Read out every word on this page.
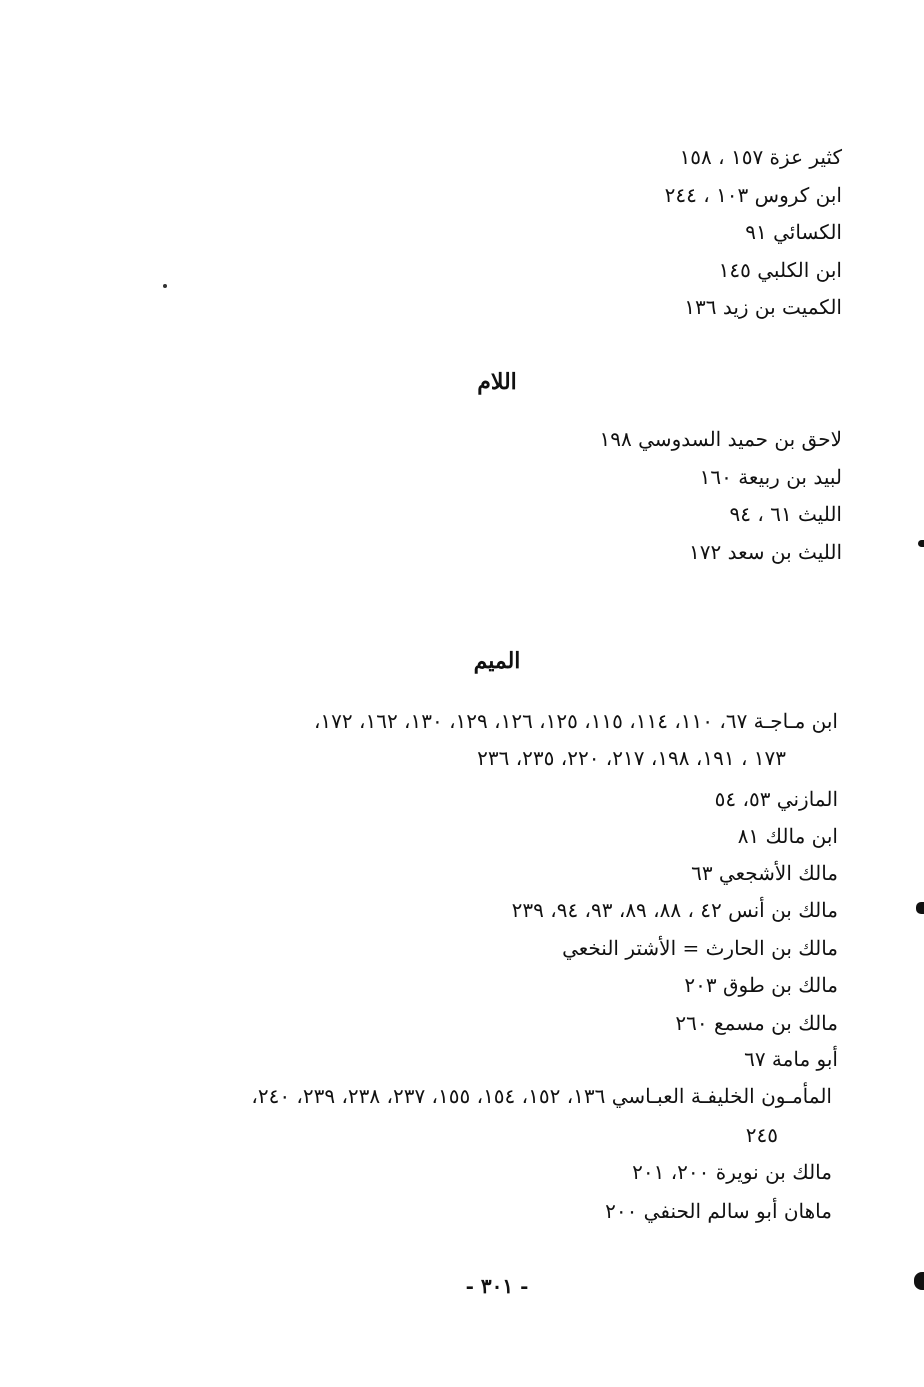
كثير عزة ١٥٧ ، ١٥٨
ابن كروس ١٠٣ ، ٢٤٤
الكسائي ٩١
ابن الكلبي ١٤٥
الكميت بن زيد ١٣٦
اللام
لاحق بن حميد السدوسي ١٩٨
لبيد بن ربيعة ١٦٠
الليث ٦١ ، ٩٤
الليث بن سعد ١٧٢
الميم
ابن مـاجـة ٦٧، ١١٠، ١١٤، ١١٥، ١٢٥، ١٢٦، ١٢٩، ١٣٠، ١٦٢، ١٧٢،
١٧٣ ، ١٩١، ١٩٨، ٢١٧، ٢٢٠، ٢٣٥، ٢٣٦
المازني ٥٣، ٥٤
ابن مالك ٨١
مالك الأشجعي ٦٣
مالك بن أنس ٤٢ ، ٨٨، ٨٩، ٩٣، ٩٤، ٢٣٩
مالك بن الحارث = الأشتر النخعي
مالك بن طوق ٢٠٣
مالك بن مسمع ٢٦٠
أبو مامة ٦٧
المأمـون الخليفـة العبـاسي ١٣٦، ١٥٢، ١٥٤، ١٥٥، ٢٣٧، ٢٣٨، ٢٣٩، ٢٤٠،
٢٤٥
مالك بن نويرة ٢٠٠، ٢٠١
ماهان أبو سالم الحنفي ٢٠٠
- ٣٠١ -
